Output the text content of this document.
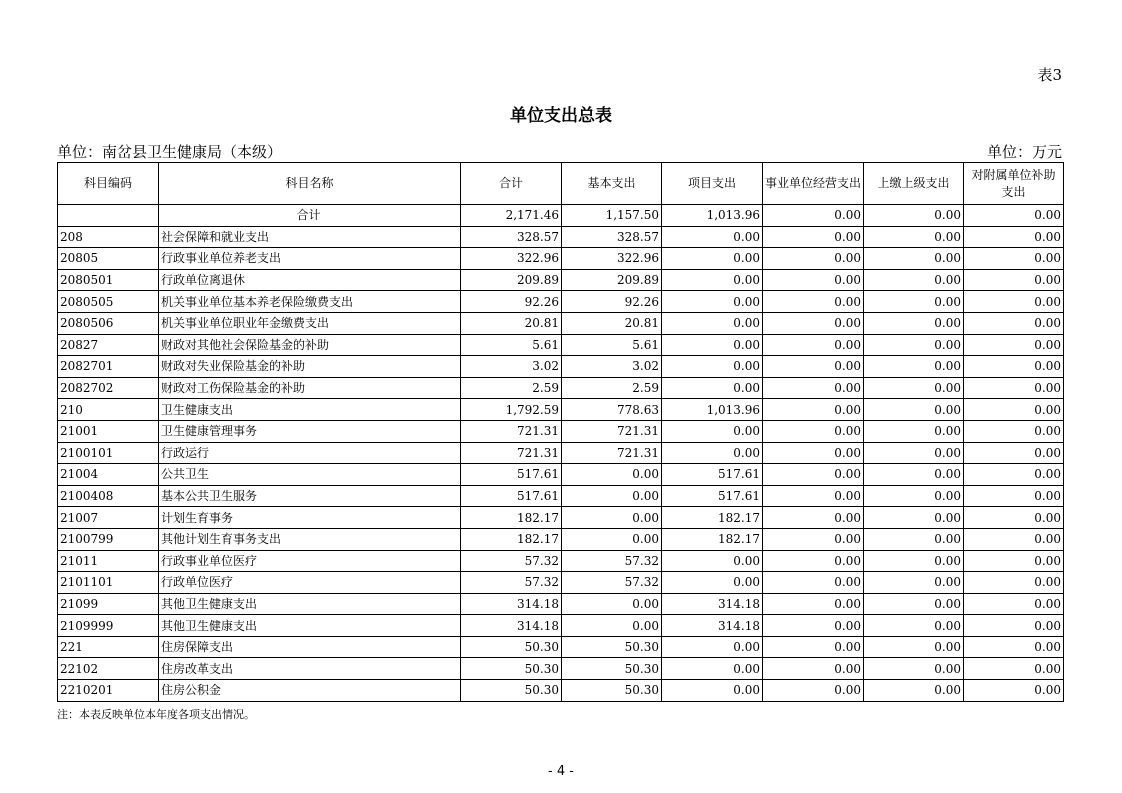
表3
单位支出总表
单位：南岔县卫生健康局（本级）	单位：万元
科目编码	科目名称	合计	基本支出	项目支出	事业单位经营支出	上缴上级支出	对附属单位补助支出
	合计	2,171.46	1,157.50	1,013.96	0.00	0.00	0.00
208	社会保障和就业支出	328.57	328.57	0.00	0.00	0.00	0.00
20805	行政事业单位养老支出	322.96	322.96	0.00	0.00	0.00	0.00
2080501	行政单位离退休	209.89	209.89	0.00	0.00	0.00	0.00
2080505	机关事业单位基本养老保险缴费支出	92.26	92.26	0.00	0.00	0.00	0.00
2080506	机关事业单位职业年金缴费支出	20.81	20.81	0.00	0.00	0.00	0.00
20827	财政对其他社会保险基金的补助	5.61	5.61	0.00	0.00	0.00	0.00
2082701	财政对失业保险基金的补助	3.02	3.02	0.00	0.00	0.00	0.00
2082702	财政对工伤保险基金的补助	2.59	2.59	0.00	0.00	0.00	0.00
210	卫生健康支出	1,792.59	778.63	1,013.96	0.00	0.00	0.00
21001	卫生健康管理事务	721.31	721.31	0.00	0.00	0.00	0.00
2100101	行政运行	721.31	721.31	0.00	0.00	0.00	0.00
21004	公共卫生	517.61	0.00	517.61	0.00	0.00	0.00
2100408	基本公共卫生服务	517.61	0.00	517.61	0.00	0.00	0.00
21007	计划生育事务	182.17	0.00	182.17	0.00	0.00	0.00
2100799	其他计划生育事务支出	182.17	0.00	182.17	0.00	0.00	0.00
21011	行政事业单位医疗	57.32	57.32	0.00	0.00	0.00	0.00
2101101	行政单位医疗	57.32	57.32	0.00	0.00	0.00	0.00
21099	其他卫生健康支出	314.18	0.00	314.18	0.00	0.00	0.00
2109999	其他卫生健康支出	314.18	0.00	314.18	0.00	0.00	0.00
221	住房保障支出	50.30	50.30	0.00	0.00	0.00	0.00
22102	住房改革支出	50.30	50.30	0.00	0.00	0.00	0.00
2210201	住房公积金	50.30	50.30	0.00	0.00	0.00	0.00
注：本表反映单位本年度各项支出情况。
- 4 -
